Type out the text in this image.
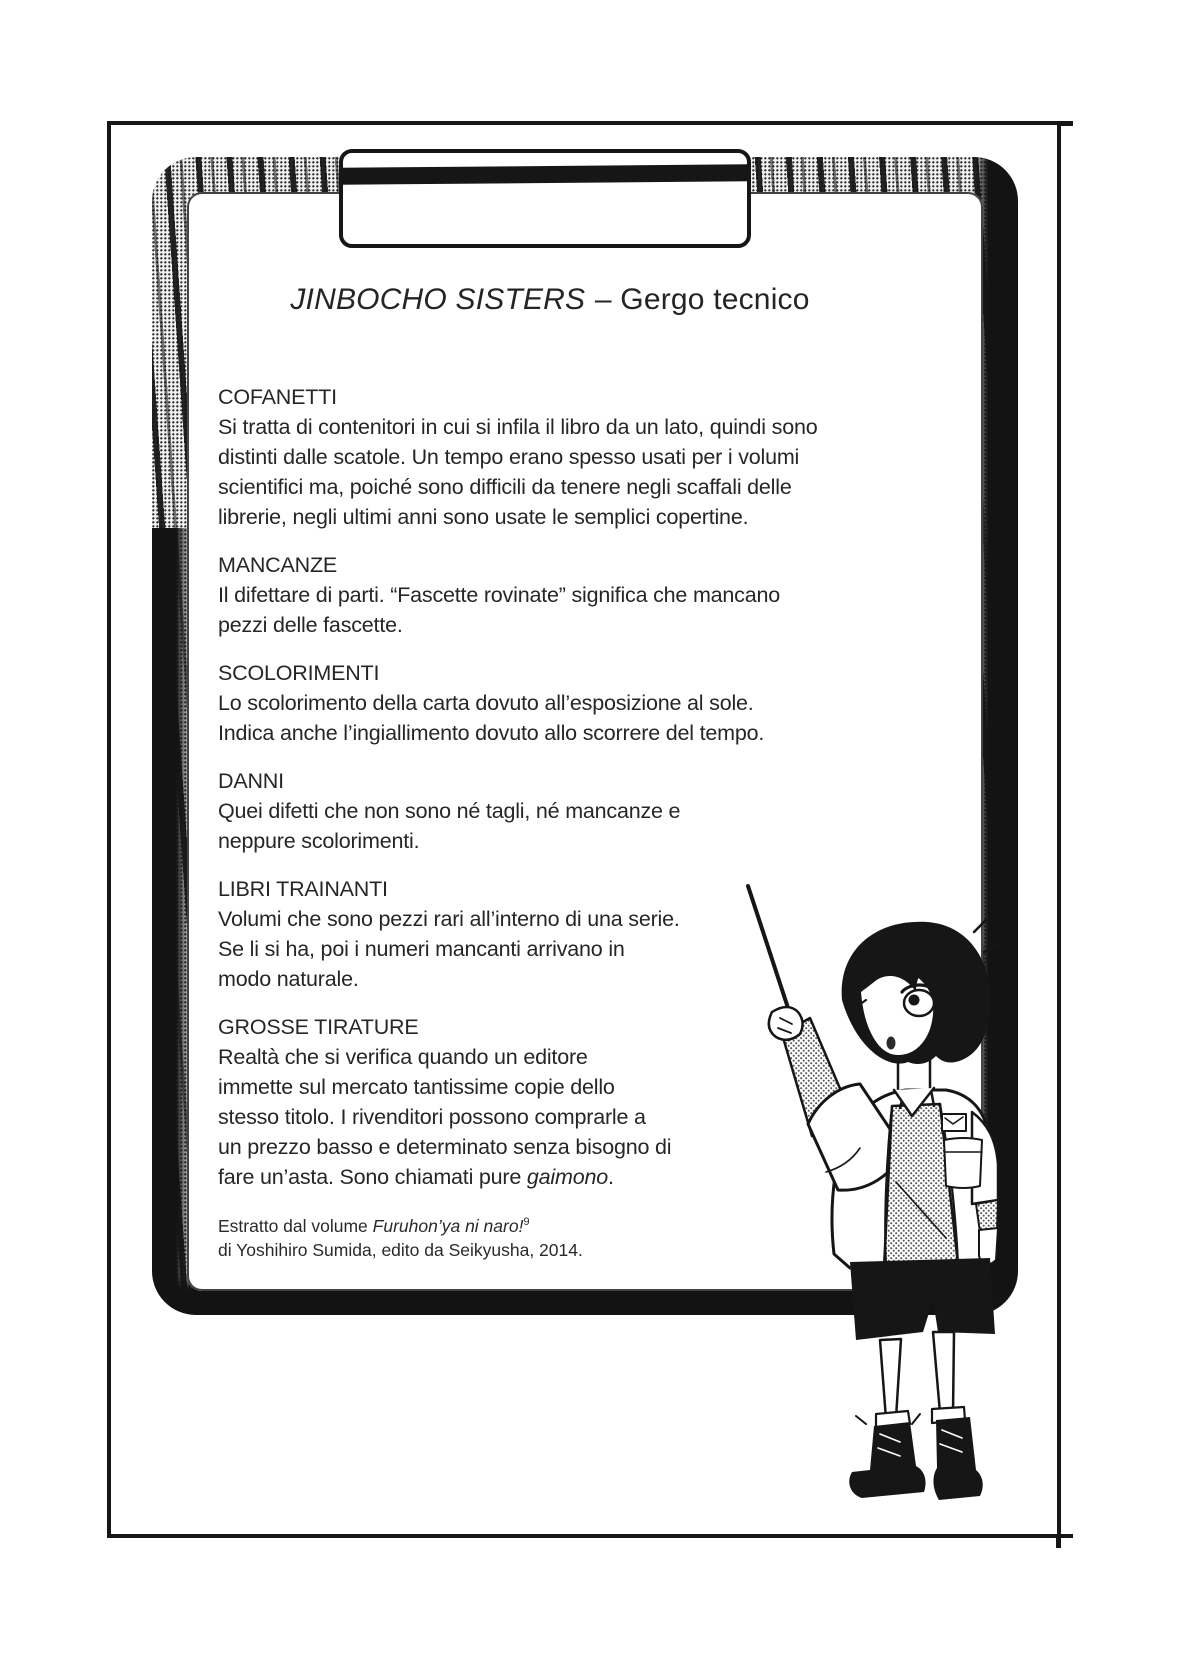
JINBOCHO SISTERS – Gergo tecnico
COFANETTI
Si tratta di contenitori in cui si infila il libro da un lato, quindi sono
distinti dalle scatole. Un tempo erano spesso usati per i volumi
scientifici ma, poiché sono difficili da tenere negli scaffali delle
librerie, negli ultimi anni sono usate le semplici copertine.
MANCANZE
Il difettare di parti. “Fascette rovinate” significa che mancano
pezzi delle fascette.
SCOLORIMENTI
Lo scolorimento della carta dovuto all’esposizione al sole.
Indica anche l’ingiallimento dovuto allo scorrere del tempo.
DANNI
Quei difetti che non sono né tagli, né mancanze e
neppure scolorimenti.
LIBRI TRAINANTI
Volumi che sono pezzi rari all’interno di una serie.
Se li si ha, poi i numeri mancanti arrivano in
modo naturale.
GROSSE TIRATURE
Realtà che si verifica quando un editore
immette sul mercato tantissime copie dello
stesso titolo. I rivenditori possono comprarle a
un prezzo basso e determinato senza bisogno di
fare un’asta. Sono chiamati pure gaimono.
Estratto dal volume Furuhon’ya ni naro!$^9$
di Yoshihiro Sumida, edito da Seikyusha, 2014.
